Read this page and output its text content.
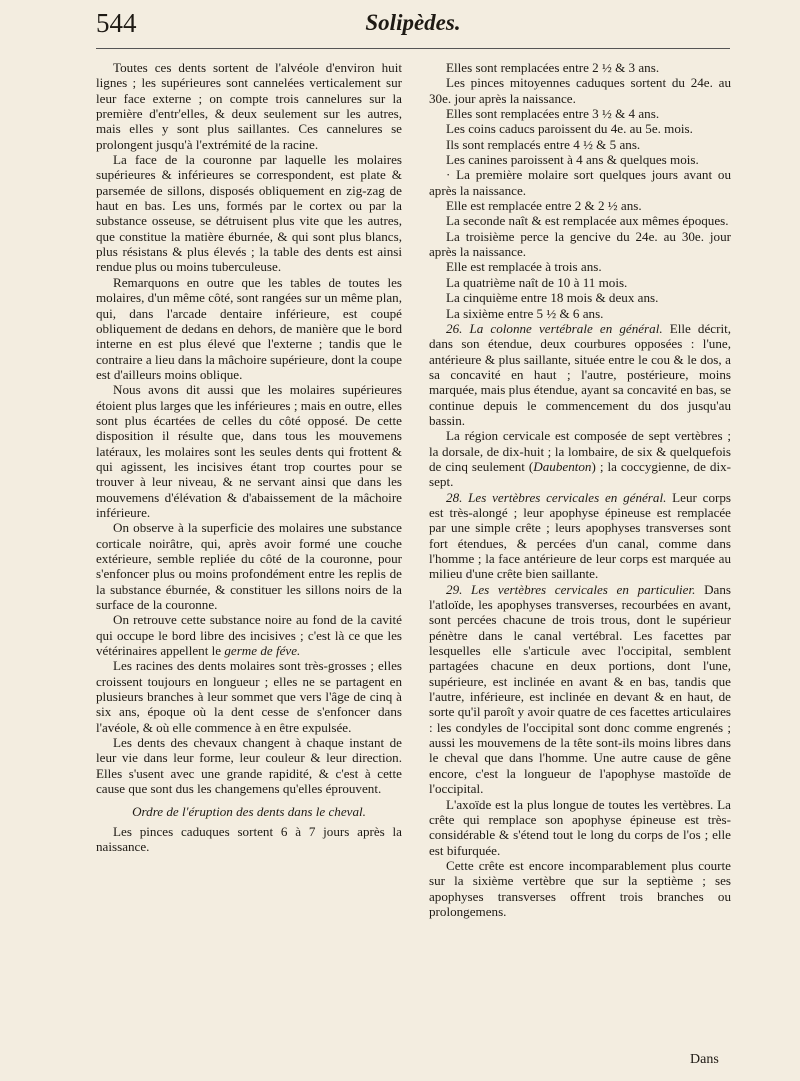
544	Solipèdes.

Toutes ces dents sortent de l'alvéole d'environ huit lignes ; les supérieures sont cannelées verticalement sur leur face externe ; on compte trois cannelures sur la première d'entr'elles, & deux seulement sur les autres, mais elles y sont plus saillantes. Ces cannelures se prolongent jusqu'à l'extrémité de la racine.

La face de la couronne par laquelle les molaires supérieures & inférieures se correspondent, est plate & parsemée de sillons, disposés obliquement en zig-zag de haut en bas. Les uns, formés par le cortex ou par la substance osseuse, se détruisent plus vite que les autres, que constitue la matière éburnée, & qui sont plus blancs, plus résistans & plus élevés ; la table des dents est ainsi rendue plus ou moins tuberculeuse.

Remarquons en outre que les tables de toutes les molaires, d'un même côté, sont rangées sur un même plan, qui, dans l'arcade dentaire inférieure, est coupé obliquement de dedans en dehors, de manière que le bord interne en est plus élevé que l'externe ; tandis que le contraire a lieu dans la mâchoire supérieure, dont la coupe est d'ailleurs moins oblique.

Nous avons dit aussi que les molaires supérieures étoient plus larges que les inférieures ; mais en outre, elles sont plus écartées de celles du côté opposé. De cette disposition il résulte que, dans tous les mouvemens latéraux, les molaires sont les seules dents qui frottent & qui agissent, les incisives étant trop courtes pour se trouver à leur niveau, & ne servant ainsi que dans les mouvemens d'élévation & d'abaissement de la mâchoire inférieure.

On observe à la superficie des molaires une substance corticale noirâtre, qui, après avoir formé une couche extérieure, semble repliée du côté de la couronne, pour s'enfoncer plus ou moins profondément entre les replis de la substance éburnée, & constituer les sillons noirs de la surface de la couronne.

On retrouve cette substance noire au fond de la cavité qui occupe le bord libre des incisives ; c'est là ce que les vétérinaires appellent le germe de féve.

Les racines des dents molaires sont très-grosses ; elles croissent toujours en longueur ; elles ne se partagent en plusieurs branches à leur sommet que vers l'âge de cinq à six ans, époque où la dent cesse de s'enfoncer dans l'avéole, & où elle commence à en être expulsée.

Les dents des chevaux changent à chaque instant de leur vie dans leur forme, leur couleur & leur direction. Elles s'usent avec une grande rapidité, & c'est à cette cause que sont dus les changemens qu'elles éprouvent.

Ordre de l'éruption des dents dans le cheval.

Les pinces caduques sortent 6 à 7 jours après la naissance.

Elles sont remplacées entre 2 ½ & 3 ans.

Les pinces mitoyennes caduques sortent du 24e. au 30e. jour après la naissance.

Elles sont remplacées entre 3 ½ & 4 ans.

Les coins caducs paroissent du 4e. au 5e. mois.

Ils sont remplacés entre 4 ½ & 5 ans.

Les canines paroissent à 4 ans & quelques mois.

· La première molaire sort quelques jours avant ou après la naissance.

Elle est remplacée entre 2 & 2 ½ ans.

La seconde naît & est remplacée aux mêmes époques.

La troisième perce la gencive du 24e. au 30e. jour après la naissance.

Elle est remplacée à trois ans.

La quatrième naît de 10 à 11 mois.

La cinquième entre 18 mois & deux ans.

La sixième entre 5 ½ & 6 ans.

26. La colonne vertébrale en général. Elle décrit, dans son étendue, deux courbures opposées : l'une, antérieure & plus saillante, située entre le cou & le dos, a sa concavité en haut ; l'autre, postérieure, moins marquée, mais plus étendue, ayant sa concavité en bas, se continue depuis le commencement du dos jusqu'au bassin.

La région cervicale est composée de sept vertèbres ; la dorsale, de dix-huit ; la lombaire, de six & quelquefois de cinq seulement (Daubenton) ; la coccygienne, de dix-sept.

28. Les vertèbres cervicales en général. Leur corps est très-alongé ; leur apophyse épineuse est remplacée par une simple crête ; leurs apophyses transverses sont fort étendues, & percées d'un canal, comme dans l'homme ; la face antérieure de leur corps est marquée au milieu d'une crête bien saillante.

29. Les vertèbres cervicales en particulier. Dans l'atloïde, les apophyses transverses, recourbées en avant, sont percées chacune de trois trous, dont le supérieur pénètre dans le canal vertébral. Les facettes par lesquelles elle s'articule avec l'occipital, semblent partagées chacune en deux portions, dont l'une, supérieure, est inclinée en avant & en bas, tandis que l'autre, inférieure, est inclinée en devant & en haut, de sorte qu'il paroît y avoir quatre de ces facettes articulaires : les condyles de l'occipital sont donc comme engrenés ; aussi les mouvemens de la tête sont-ils moins libres dans le cheval que dans l'homme. Une autre cause de gêne encore, c'est la longueur de l'apophyse mastoïde de l'occipital.

L'axoïde est la plus longue de toutes les vertèbres. La crête qui remplace son apophyse épineuse est très-considérable & s'étend tout le long du corps de l'os ; elle est bifurquée.

Cette crête est encore incomparablement plus courte sur la sixième vertèbre que sur la septième ; ses apophyses transverses offrent trois branches ou prolongemens.

Dans
